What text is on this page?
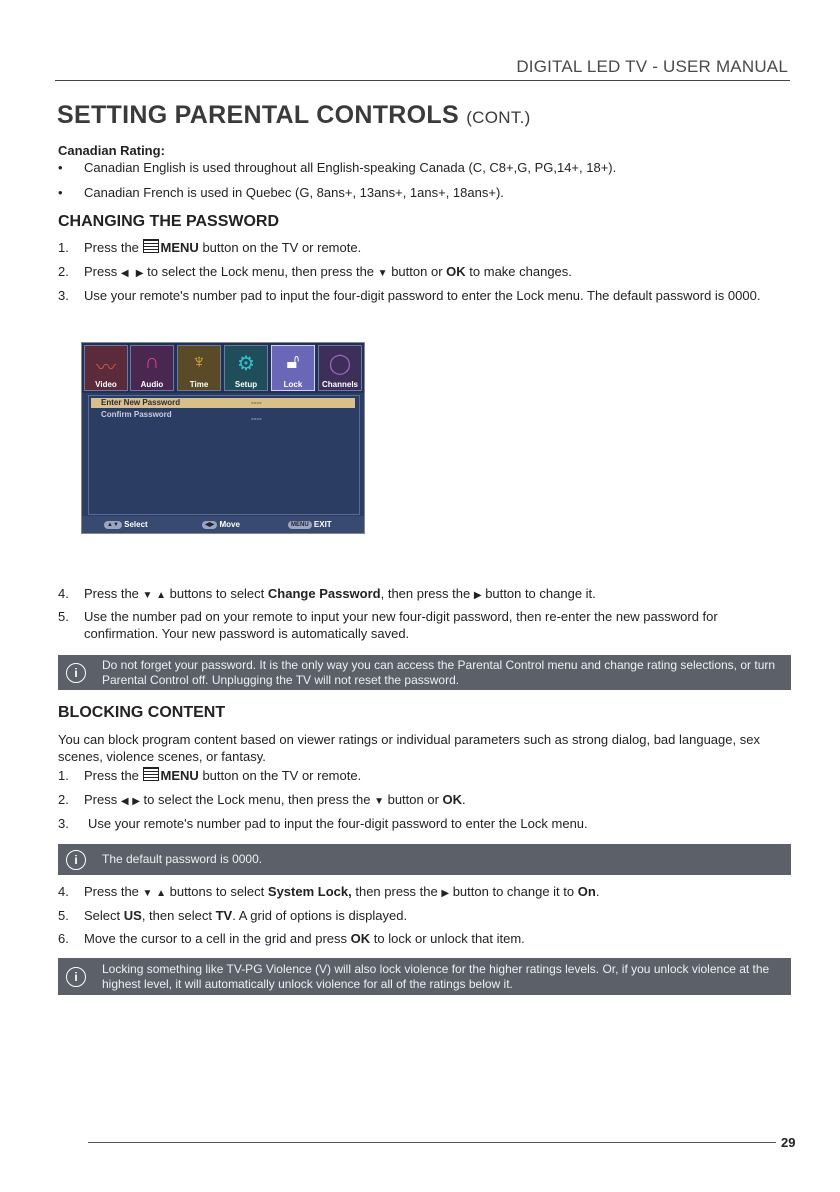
DIGITAL LED TV - USER MANUAL
SETTING PARENTAL CONTROLS (CONT.)
Canadian Rating:
• Canadian English is used throughout all English-speaking Canada (C, C8+,G, PG,14+, 18+).
• Canadian French is used in Quebec (G, 8ans+, 13ans+, 1ans+, 18ans+).
CHANGING THE PASSWORD
1. Press the MENU button on the TV or remote.
2. Press ◀ ▶ to select the Lock menu, then press the ▼ button or OK to make changes.
3. Use your remote's number pad to input the four-digit password to enter the Lock menu. The default password is 0000.
〰
Video
∩
Audio
♆
Time
⚙
Setup
🔓︎
Lock
◯
Channels
Enter New Password	----
Confirm Password	----
▲▼ Select	◀▶ Move	MENU EXIT
4. Press the ▼ ▲ buttons to select Change Password, then press the ▶ button to change it.
5. Use the number pad on your remote to input your new four-digit password, then re-enter the new password for confirmation. Your new password is automatically saved.
i
Do not forget your password. It is the only way you can access the Parental Control menu and change rating selections, or turn Parental Control off. Unplugging the TV will not reset the password.
BLOCKING CONTENT
You can block program content based on viewer ratings or individual parameters such as strong dialog, bad language, sex scenes, violence scenes, or fantasy.
1. Press the MENU button on the TV or remote.
2. Press ◀ ▶ to select the Lock menu, then press the ▼ button or OK.
3. Use your remote's number pad to input the four-digit password to enter the Lock menu.
i	The default password is 0000.
4. Press the ▼ ▲ buttons to select System Lock, then press the ▶ button to change it to On.
5. Select US, then select TV. A grid of options is displayed.
6. Move the cursor to a cell in the grid and press OK to lock or unlock that item.
i
Locking something like TV-PG Violence (V) will also lock violence for the higher ratings levels. Or, if you unlock violence at the highest level, it will automatically unlock violence for all of the ratings below it.
29
